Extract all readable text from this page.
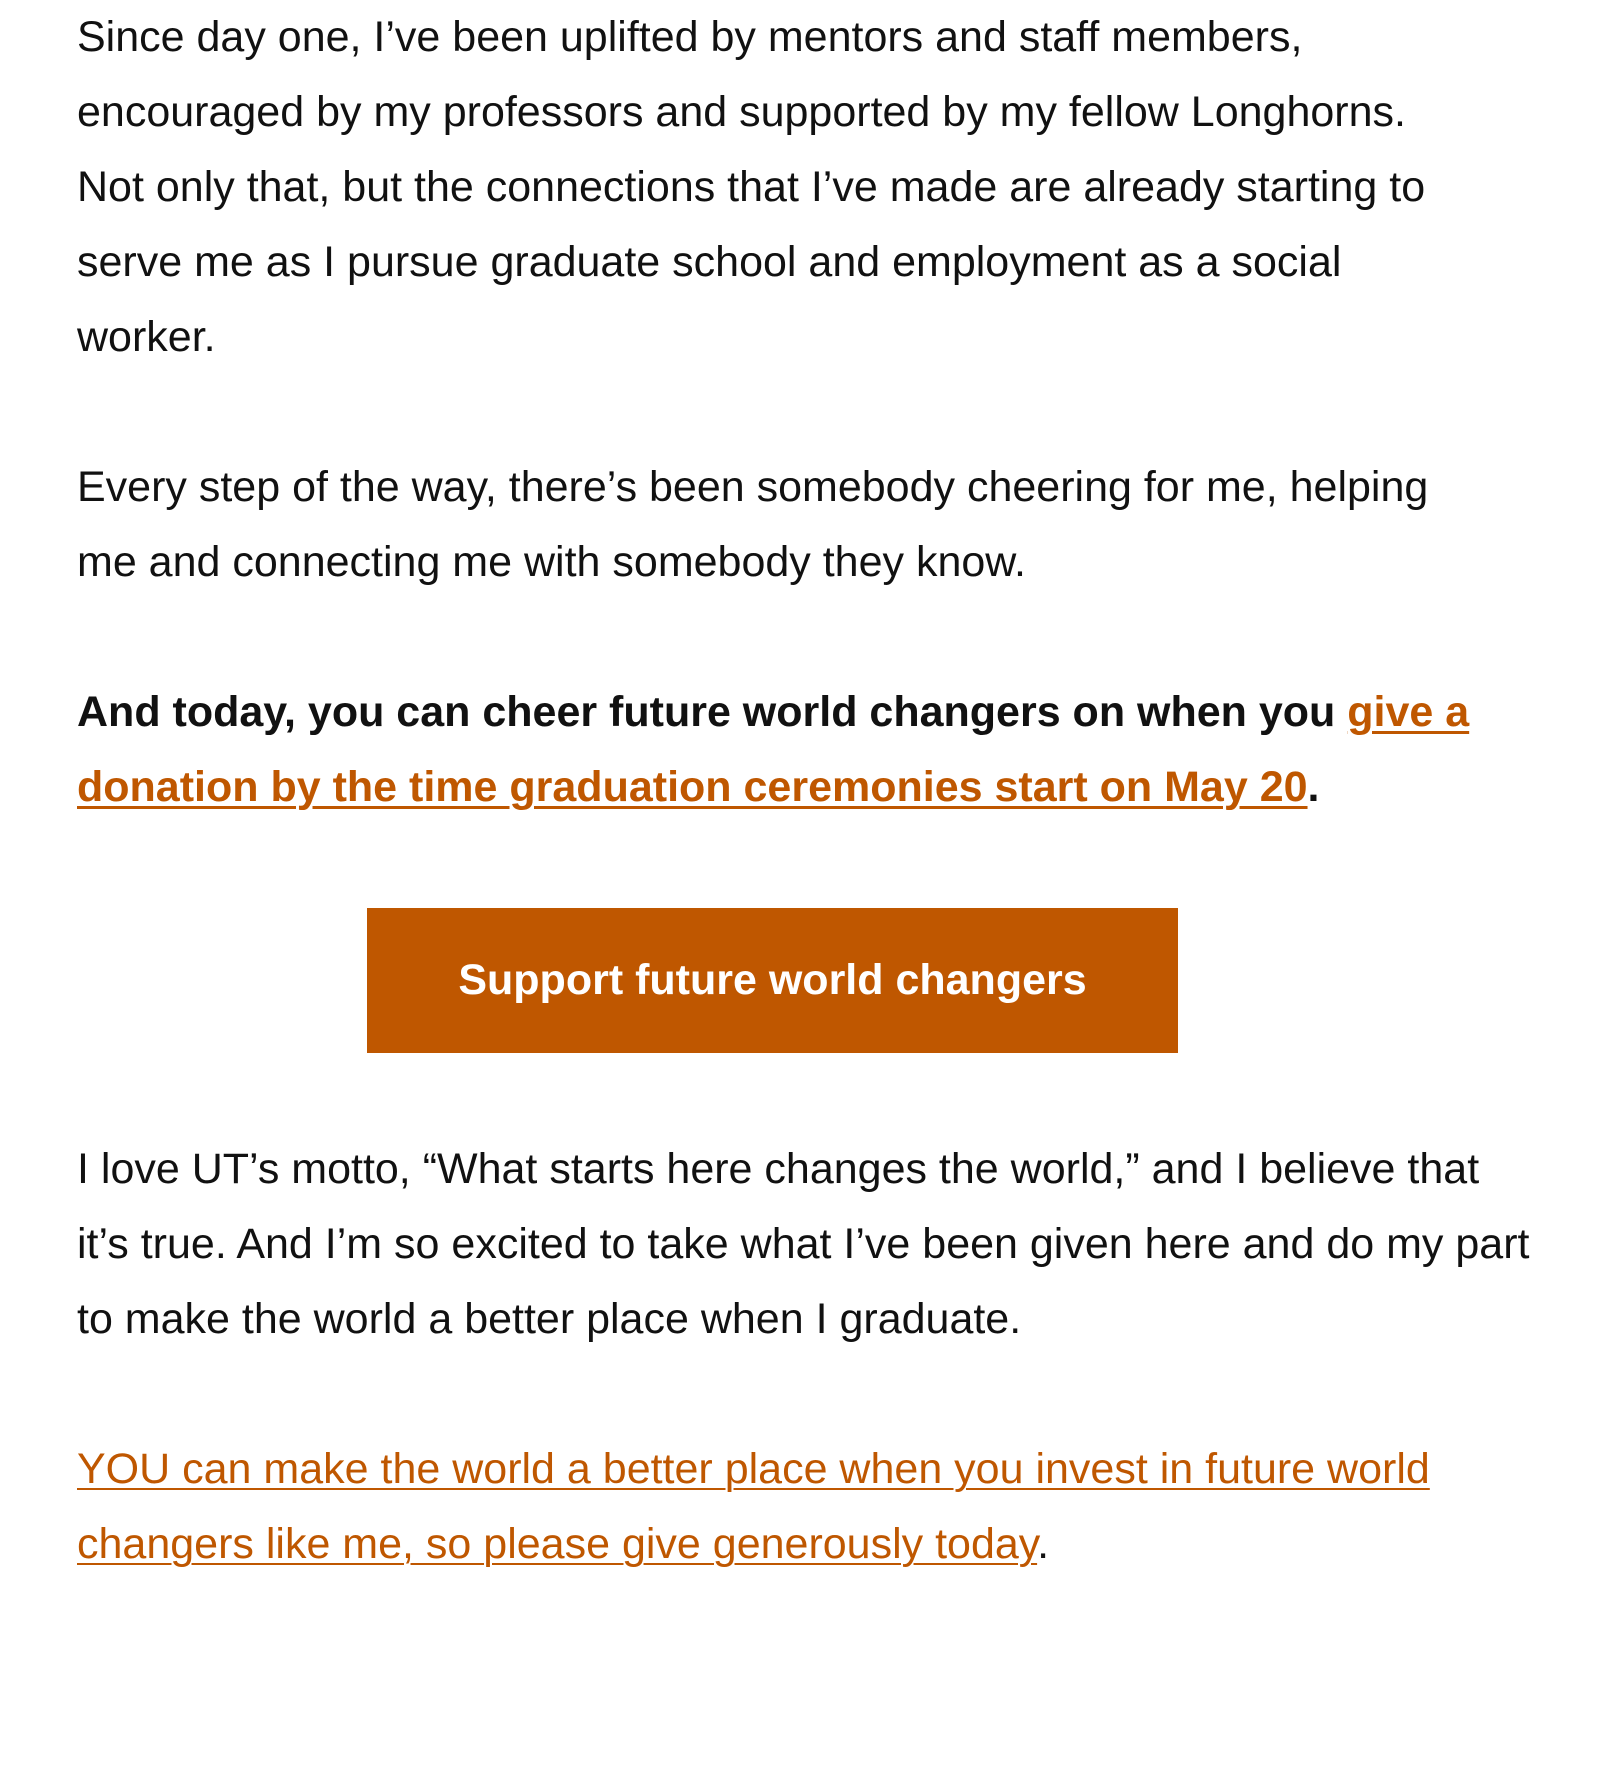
Since day one, I’ve been uplifted by mentors and staff members, encouraged by my professors and supported by my fellow Longhorns. Not only that, but the connections that I’ve made are already starting to serve me as I pursue graduate school and employment as a social worker.

Every step of the way, there’s been somebody cheering for me, helping me and connecting me with somebody they know.

And today, you can cheer future world changers on when you give a donation by the time graduation ceremonies start on May 20.

Support future world changers

I love UT’s motto, “What starts here changes the world,” and I believe that it’s true. And I’m so excited to take what I’ve been given here and do my part to make the world a better place when I graduate.

YOU can make the world a better place when you invest in future world changers like me, so please give generously today.
